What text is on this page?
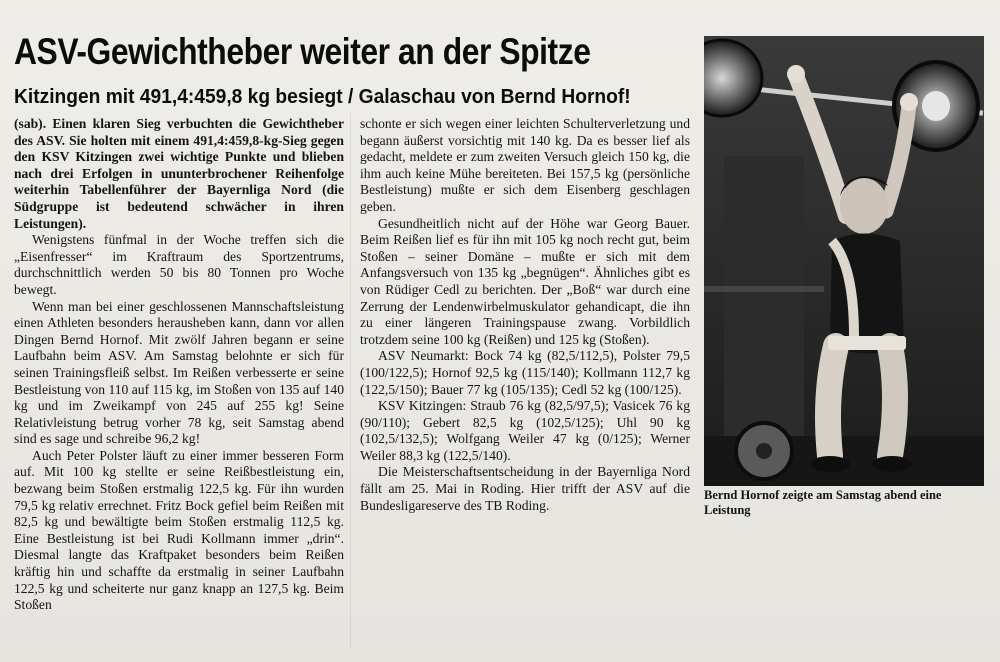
ASV-Gewichtheber weiter an der Spitze
Kitzingen mit 491,4:459,8 kg besiegt / Galaschau von Bernd Hornof!

(sab). Einen klaren Sieg verbuchten die Gewichtheber des ASV. Sie holten mit einem 491,4:459,8-kg-Sieg gegen den KSV Kitzingen zwei wichtige Punkte und blieben nach drei Erfolgen in ununterbrochener Reihenfolge weiterhin Tabellenführer der Bayernliga Nord (die Südgruppe ist bedeutend schwächer in ihren Leistungen).

Wenigstens fünfmal in der Woche treffen sich die „Eisenfresser“ im Kraftraum des Sportzentrums, durchschnittlich werden 50 bis 80 Tonnen pro Woche bewegt.

Wenn man bei einer geschlossenen Mannschaftsleistung einen Athleten besonders herausheben kann, dann vor allen Dingen Bernd Hornof. Mit zwölf Jahren begann er seine Laufbahn beim ASV. Am Samstag belohnte er sich für seinen Trainingsfleiß selbst. Im Reißen verbesserte er seine Bestleistung von 110 auf 115 kg, im Stoßen von 135 auf 140 kg und im Zweikampf von 245 auf 255 kg! Seine Relativleistung betrug vorher 78 kg, seit Samstag abend sind es sage und schreibe 96,2 kg!

Auch Peter Polster läuft zu einer immer besseren Form auf. Mit 100 kg stellte er seine Reißbestleistung ein, bezwang beim Stoßen erstmalig 122,5 kg. Für ihn wurden 79,5 kg relativ errechnet. Fritz Bock gefiel beim Reißen mit 82,5 kg und bewältigte beim Stoßen erstmalig 112,5 kg. Eine Bestleistung ist bei Rudi Kollmann immer „drin“. Diesmal langte das Kraftpaket besonders beim Reißen kräftig hin und schaffte da erstmalig in seiner Laufbahn 122,5 kg und scheiterte nur ganz knapp an 127,5 kg. Beim Stoßen

schonte er sich wegen einer leichten Schulterverletzung und begann äußerst vorsichtig mit 140 kg. Da es besser lief als gedacht, meldete er zum zweiten Versuch gleich 150 kg, die ihm auch keine Mühe bereiteten. Bei 157,5 kg (persönliche Bestleistung) mußte er sich dem Eisenberg geschlagen geben.

Gesundheitlich nicht auf der Höhe war Georg Bauer. Beim Reißen lief es für ihn mit 105 kg noch recht gut, beim Stoßen – seiner Domäne – mußte er sich mit dem Anfangsversuch von 135 kg „begnügen“. Ähnliches gibt es von Rüdiger Cedl zu berichten. Der „Boß“ war durch eine Zerrung der Lendenwirbelmuskulator gehandicapt, die ihn zu einer längeren Trainingspause zwang. Vorbildlich trotzdem seine 100 kg (Reißen) und 125 kg (Stoßen).

ASV Neumarkt: Bock 74 kg (82,5/112,5), Polster 79,5 (100/122,5); Hornof 92,5 kg (115/140); Kollmann 112,7 kg (122,5/150); Bauer 77 kg (105/135); Cedl 52 kg (100/125).

KSV Kitzingen: Straub 76 kg (82,5/97,5); Vasicek 76 kg (90/110); Gebert 82,5 kg (102,5/125); Uhl 90 kg (102,5/132,5); Wolfgang Weiler 47 kg (0/125); Werner Weiler 88,3 kg (122,5/140).

Die Meisterschaftsentscheidung in der Bayernliga Nord fällt am 25. Mai in Roding. Hier trifft der ASV auf die Bundesligareserve des TB Roding.

Bernd Hornof zeigte am Samstag abend eine Leistung
